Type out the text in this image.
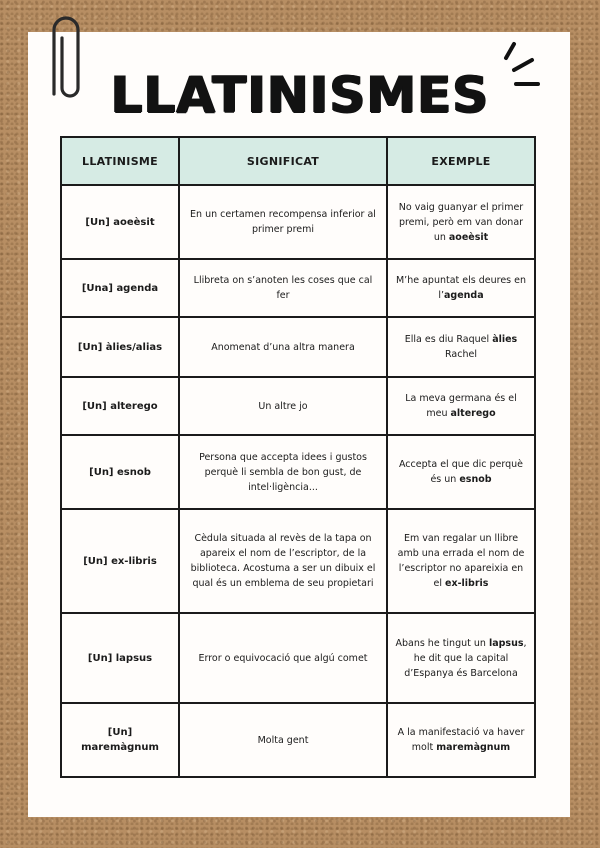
LLATINISMES
LLATINISME	SIGNIFICAT	EXEMPLE
[Un] aoeèsit	En un certamen recompensa inferior al primer premi	No vaig guanyar el primer premi, però em van donar un aoeèsit
[Una] agenda	Llibreta on s’anoten les coses que cal fer	M’he apuntat els deures en l’agenda
[Un] àlies/alias	Anomenat d’una altra manera	Ella es diu Raquel àlies Rachel
[Un] alterego	Un altre jo	La meva germana és el meu alterego
[Un] esnob	Persona que accepta idees i gustos perquè li sembla de bon gust, de intel·ligència...	Accepta el que dic perquè és un esnob
[Un] ex-libris	Cèdula situada al revès de la tapa on apareix el nom de l’escriptor, de la biblioteca. Acostuma a ser un dibuix el qual és un emblema de seu propietari	Em van regalar un llibre amb una errada el nom de l’escriptor no apareixia en el ex-libris
[Un] lapsus	Error o equivocació que algú comet	Abans he tingut un lapsus, he dit que la capital d’Espanya és Barcelona
[Un] maremàgnum	Molta gent	A la manifestació va haver molt maremàgnum
